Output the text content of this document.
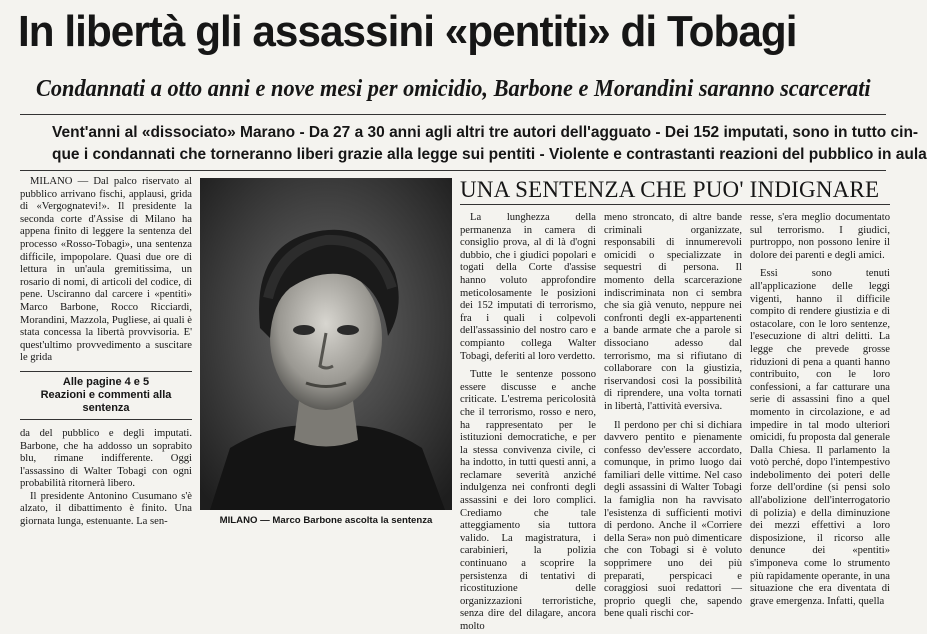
In libertà gli assassini «pentiti» di Tobagi
Condannati a otto anni e nove mesi per omicidio, Barbone e Morandini saranno scarcerati
Vent'anni al «dissociato» Marano - Da 27 a 30 anni agli altri tre autori dell'agguato - Dei 152 imputati, sono in tutto cin-
que i condannati che torneranno liberi grazie alla legge sui pentiti - Violente e contrastanti reazioni del pubblico in aula

MILANO — Dal palco riservato al pubblico arrivano fischi, applausi, grida di «Vergognatevi!». Il presidente la seconda corte d'Assise di Milano ha appena finito di leggere la sentenza del processo «Rosso-Tobagi», una sentenza difficile, impopolare. Quasi due ore di lettura in un'aula gremitissima, un rosario di nomi, di articoli del codice, di pene. Usciranno dal carcere i «pentiti» Marco Barbone, Rocco Ricciardi, Morandini, Mazzola, Pugliese, ai quali è stata concessa la libertà provvisoria. E' quest'ultimo provvedimento a suscitare le grida

Alle pagine 4 e 5
Reazioni e commenti alla sentenza

da del pubblico e degli imputati. Barbone, che ha addosso un soprabito blu, rimane indifferente. Oggi l'assassino di Walter Tobagi con ogni probabilità ritornerà libero.

Il presidente Antonino Cusumano s'è alzato, il dibattimento è finito. Una giornata lunga, estenuante. La sen-	MILANO — Marco Barbone ascolta la sentenza
UNA SENTENZA CHE PUO' INDIGNARE

La lunghezza della permanenza in camera di consiglio prova, al di là d'ogni dubbio, che i giudici popolari e togati della Corte d'assise hanno voluto approfondire meticolosamente le posizioni dei 152 imputati di terrorismo, fra i quali i colpevoli dell'assassinio del nostro caro e compianto collega Walter Tobagi, deferiti al loro verdetto.

Tutte le sentenze possono essere discusse e anche criticate. L'estrema pericolosità che il terrorismo, rosso e nero, ha rappresentato per le istituzioni democratiche, e per la stessa convivenza civile, ci ha indotto, in tutti questi anni, a reclamare severità anziché indulgenza nei confronti degli assassini e dei loro complici. Crediamo che tale atteggiamento sia tuttora valido. La magistratura, i carabinieri, la polizia continuano a scoprire la persistenza di tentativi di ricostituzione delle organizzazioni terroristiche, senza dire del dilagare, ancora molto

meno stroncato, di altre bande criminali organizzate, responsabili di innumerevoli omicidi o specializzate in sequestri di persona. Il momento della scarcerazione indiscriminata non ci sembra che sia già venuto, neppure nei confronti degli ex-appartenenti a bande armate che a parole si dissociano adesso dal terrorismo, ma si rifiutano di collaborare con la giustizia, riservandosi così la possibilità di riprendere, una volta tornati in libertà, l'attività eversiva.

Il perdono per chi si dichiara davvero pentito e pienamente confesso dev'essere accordato, comunque, in primo luogo dai familiari delle vittime. Nel caso degli assassini di Walter Tobagi la famiglia non ha ravvisato l'esistenza di sufficienti motivi di perdono. Anche il «Corriere della Sera» non può dimenticare che con Tobagi si è voluto sopprimere uno dei più preparati, perspicaci e coraggiosi suoi redattori — proprio quegli che, sapendo bene quali rischi cor-

resse, s'era meglio documentato sul terrorismo. I giudici, purtroppo, non possono lenire il dolore dei parenti e degli amici.

Essi sono tenuti all'applicazione delle leggi vigenti, hanno il difficile compito di rendere giustizia e di ostacolare, con le loro sentenze, l'esecuzione di altri delitti. La legge che prevede grosse riduzioni di pena a quanti hanno contribuito, con le loro confessioni, a far catturare una serie di assassini fino a quel momento in circolazione, e ad impedire in tal modo ulteriori omicidi, fu proposta dal generale Dalla Chiesa. Il parlamento la votò perché, dopo l'intempestivo indebolimento dei poteri delle forze dell'ordine (si pensi solo all'abolizione dell'interrogatorio di polizia) e della diminuzione dei mezzi effettivi a loro disposizione, il ricorso alle denunce dei «pentiti» s'imponeva come lo strumento più rapidamente operante, in una situazione che era diventata di grave emergenza. Infatti, quella
